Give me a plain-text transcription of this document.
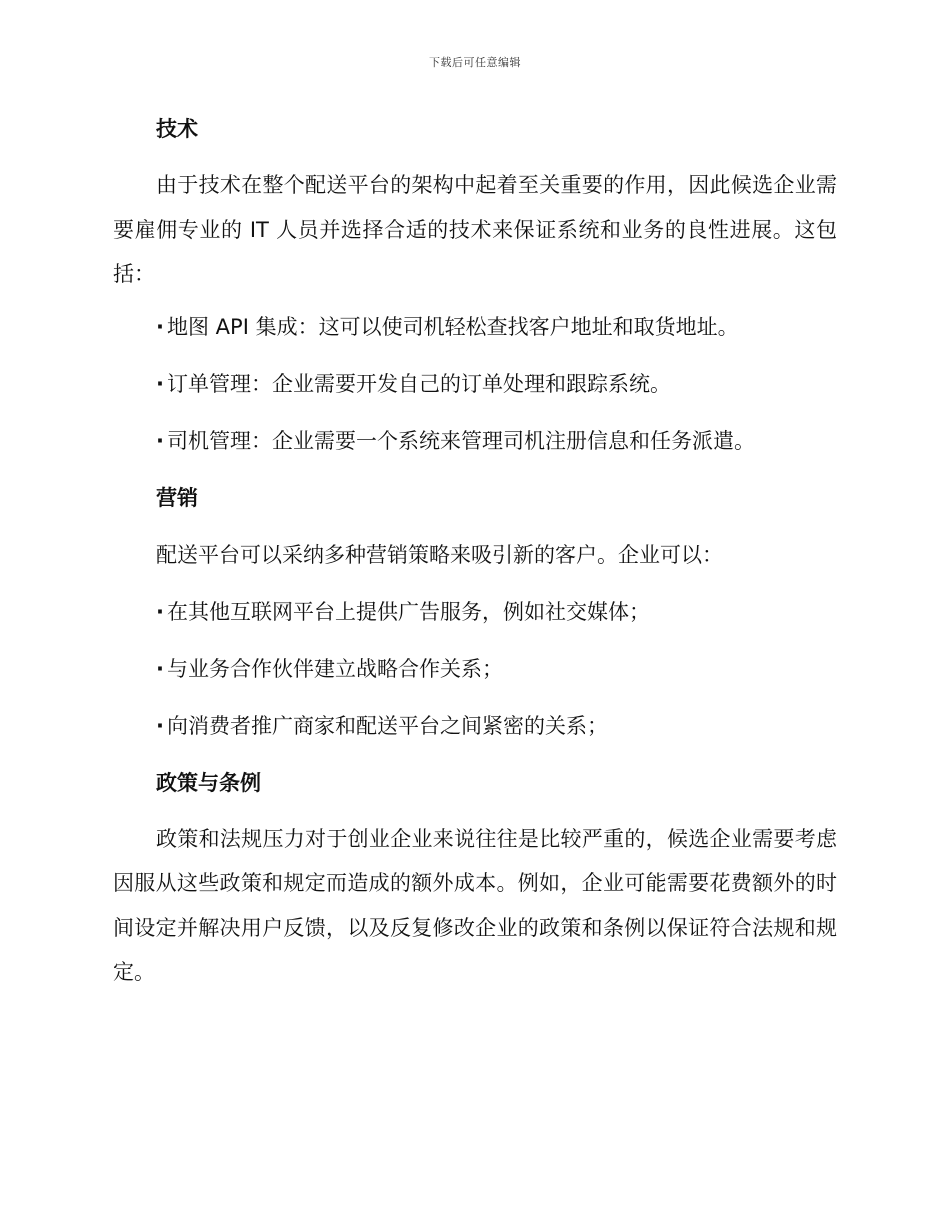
下载后可任意编辑
技术

由于技术在整个配送平台的架构中起着至关重要的作用，因此候选企业需要雇佣专业的 IT 人员并选择合适的技术来保证系统和业务的良性进展。这包括：

· 地图 API 集成：这可以使司机轻松查找客户地址和取货地址。
· 订单管理：企业需要开发自己的订单处理和跟踪系统。
· 司机管理：企业需要一个系统来管理司机注册信息和任务派遣。
营销
配送平台可以采纳多种营销策略来吸引新的客户。企业可以：
· 在其他互联网平台上提供广告服务，例如社交媒体；
· 与业务合作伙伴建立战略合作关系；
· 向消费者推广商家和配送平台之间紧密的关系；
政策与条例

政策和法规压力对于创业企业来说往往是比较严重的，候选企业需要考虑因服从这些政策和规定而造成的额外成本。例如，企业可能需要花费额外的时间设定并解决用户反馈，以及反复修改企业的政策和条例以保证符合法规和规定。
